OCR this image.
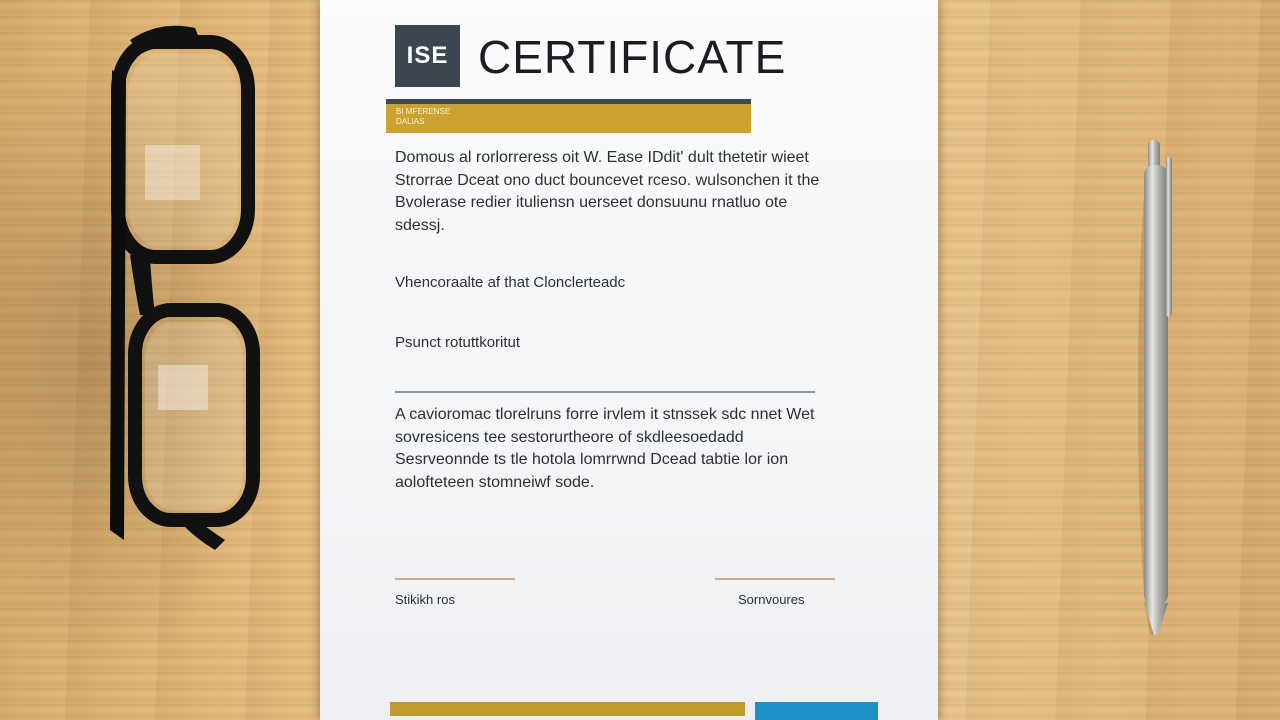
ISE CERTIFICATE
BI MFERENSE
DALIAS
Domous al rorlorreress oit W. Ease IDdit' dult thetetir wieet
Strorrae Dceat ono duct bouncevet rceso. wulsonchen it the
Bvolerase redier ituliensn uerseet donsuunu rnatluo ote
sdessj.
Vhencoraalte af that Clonclerteadc
Psunct rotuttkoritut
A cavioromac tlorelruns forre irvlem it stnssek sdc nnet Wet
sovresicens tee sestorurtheore of skdleesoedadd
Sesrveonnde ts tle hotola lomrrwnd Dcead tabtie lor ion
aolofteteen stomneiwf sode.
Stikikh ros	Sornvoures
